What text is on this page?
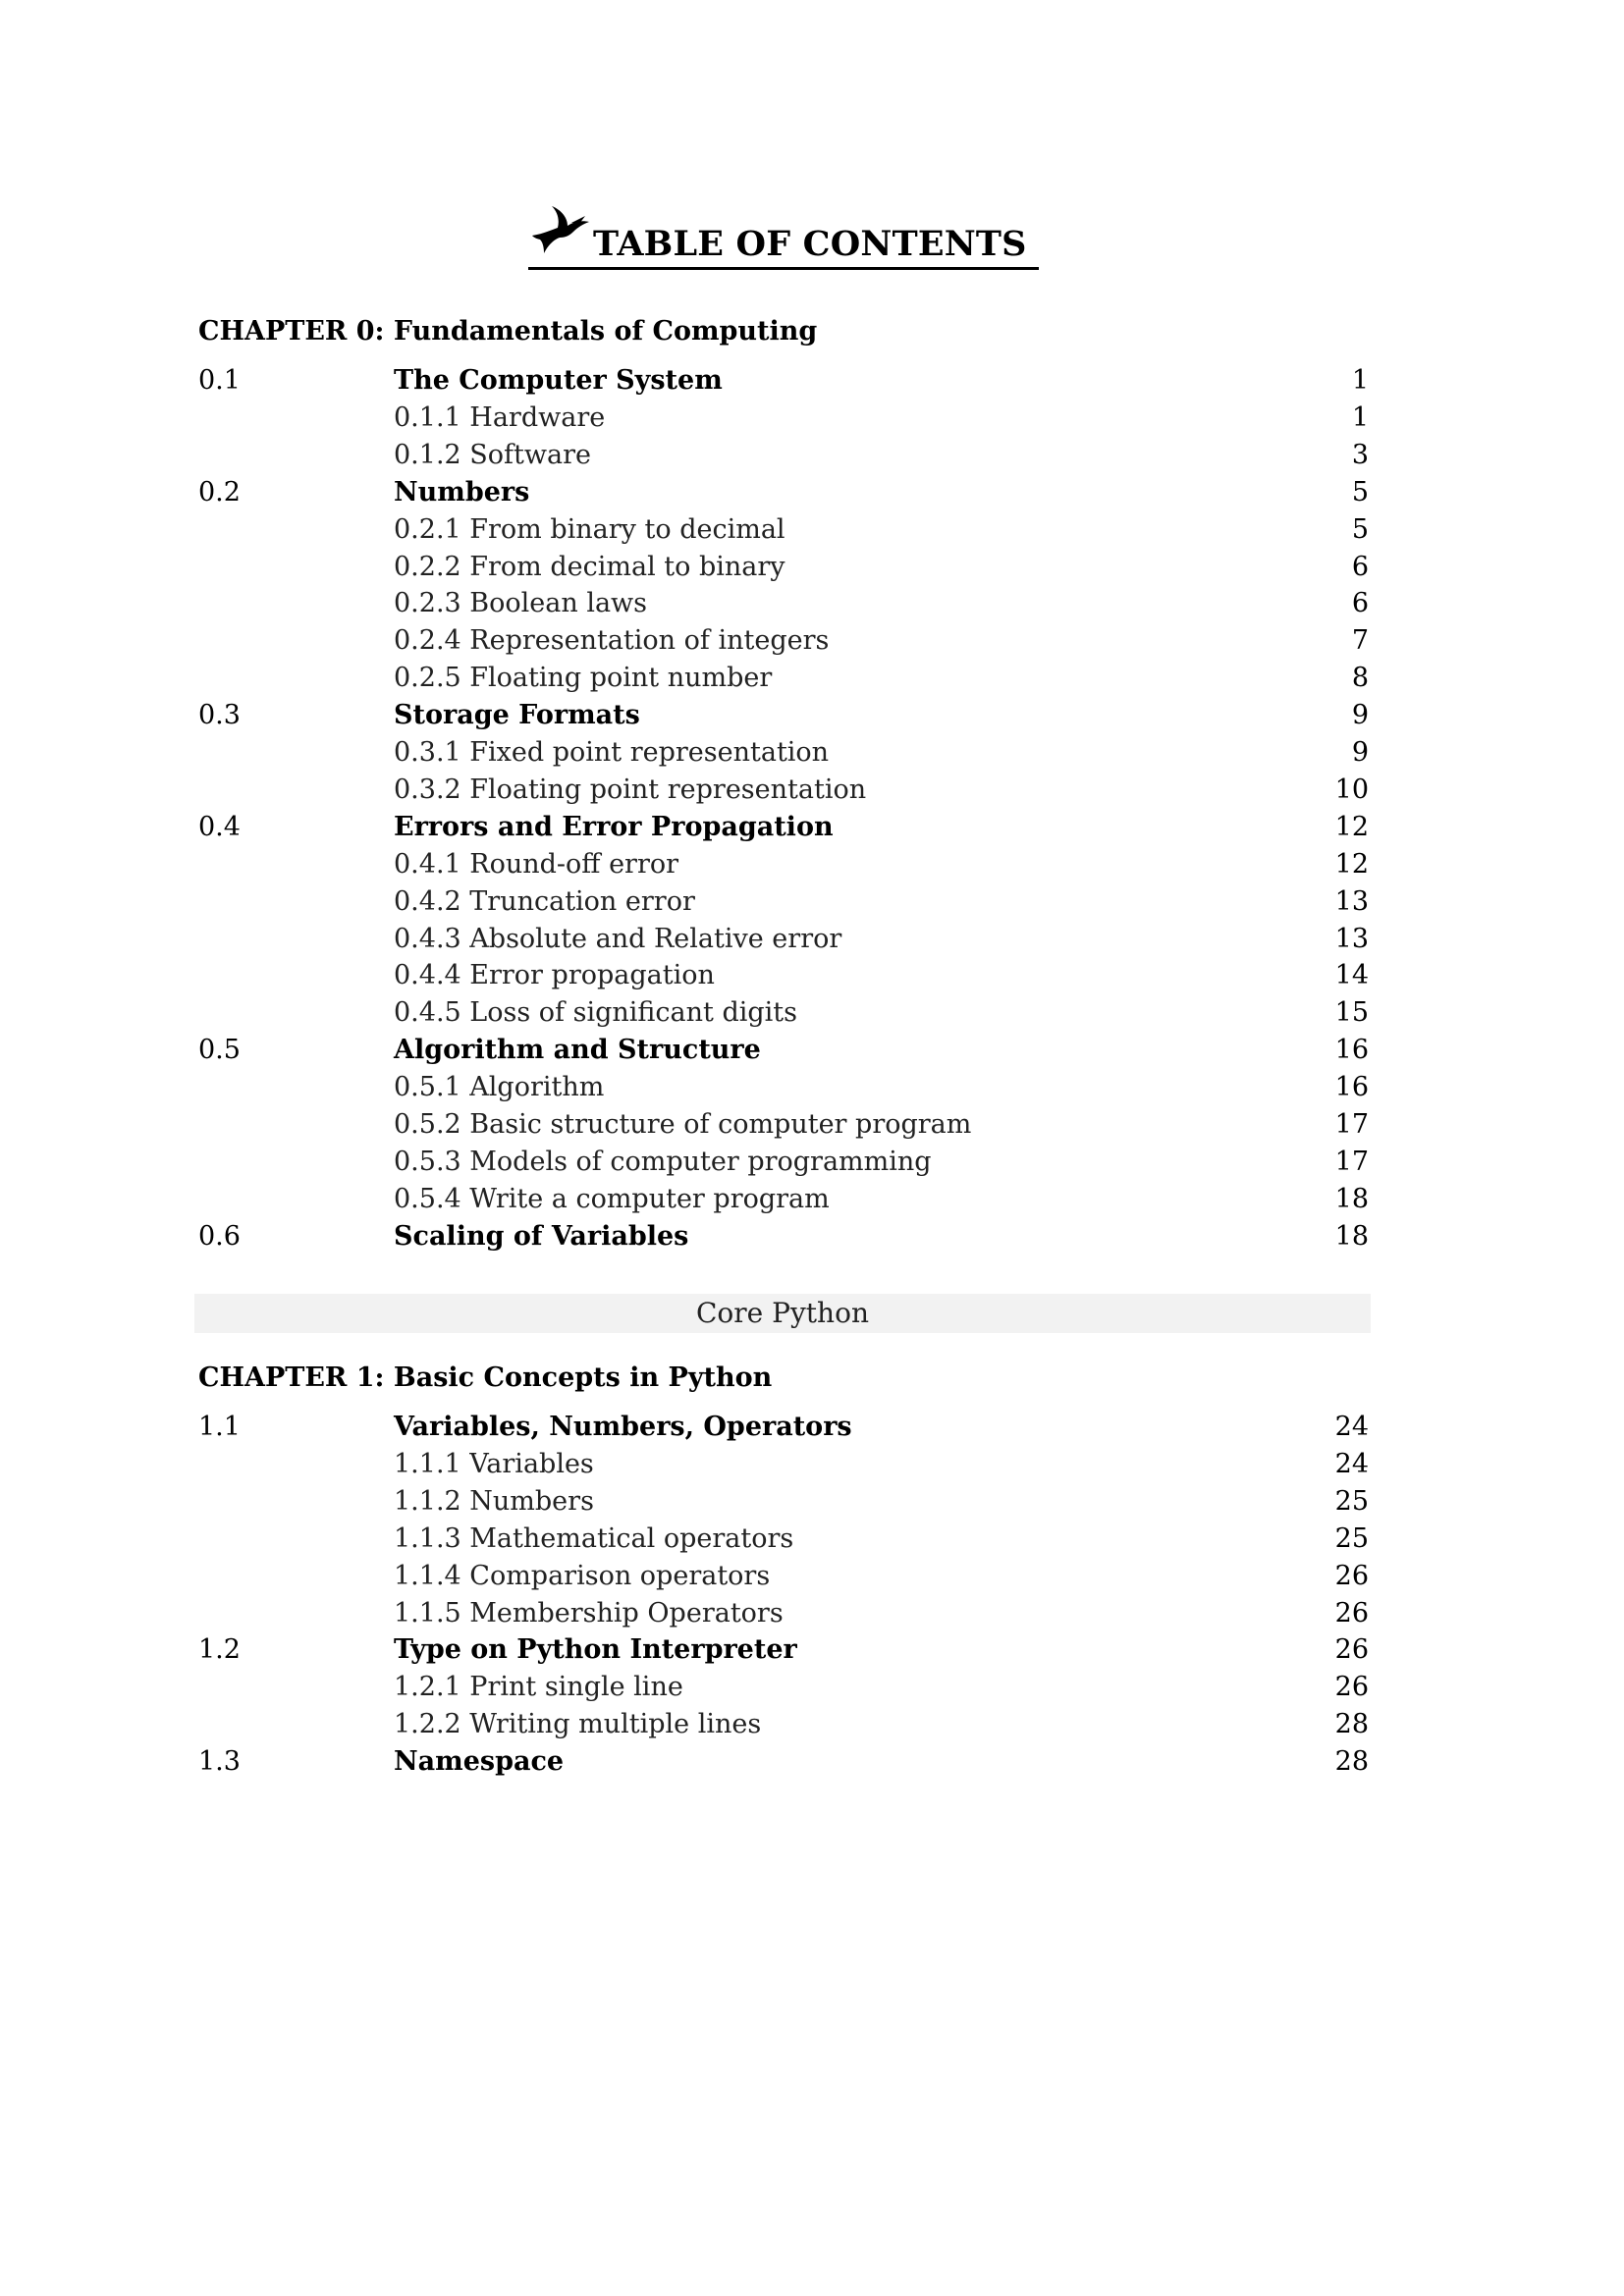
TABLE OF CONTENTS
CHAPTER 0: Fundamentals of Computing
0.1	The Computer System	1
0.1.1 Hardware	1
0.1.2 Software	3
0.2	Numbers	5
0.2.1 From binary to decimal	5
0.2.2 From decimal to binary	6
0.2.3 Boolean laws	6
0.2.4 Representation of integers	7
0.2.5 Floating point number	8
0.3	Storage Formats	9
0.3.1 Fixed point representation	9
0.3.2 Floating point representation	10
0.4	Errors and Error Propagation	12
0.4.1 Round-off error	12
0.4.2 Truncation error	13
0.4.3 Absolute and Relative error	13
0.4.4 Error propagation	14
0.4.5 Loss of significant digits	15
0.5	Algorithm and Structure	16
0.5.1 Algorithm	16
0.5.2 Basic structure of computer program	17
0.5.3 Models of computer programming	17
0.5.4 Write a computer program	18
0.6	Scaling of Variables	18
Core Python
CHAPTER 1: Basic Concepts in Python
1.1	Variables, Numbers, Operators	24
1.1.1 Variables	24
1.1.2 Numbers	25
1.1.3 Mathematical operators	25
1.1.4 Comparison operators	26
1.1.5 Membership Operators	26
1.2	Type on Python Interpreter	26
1.2.1 Print single line	26
1.2.2 Writing multiple lines	28
1.3	Namespace	28
